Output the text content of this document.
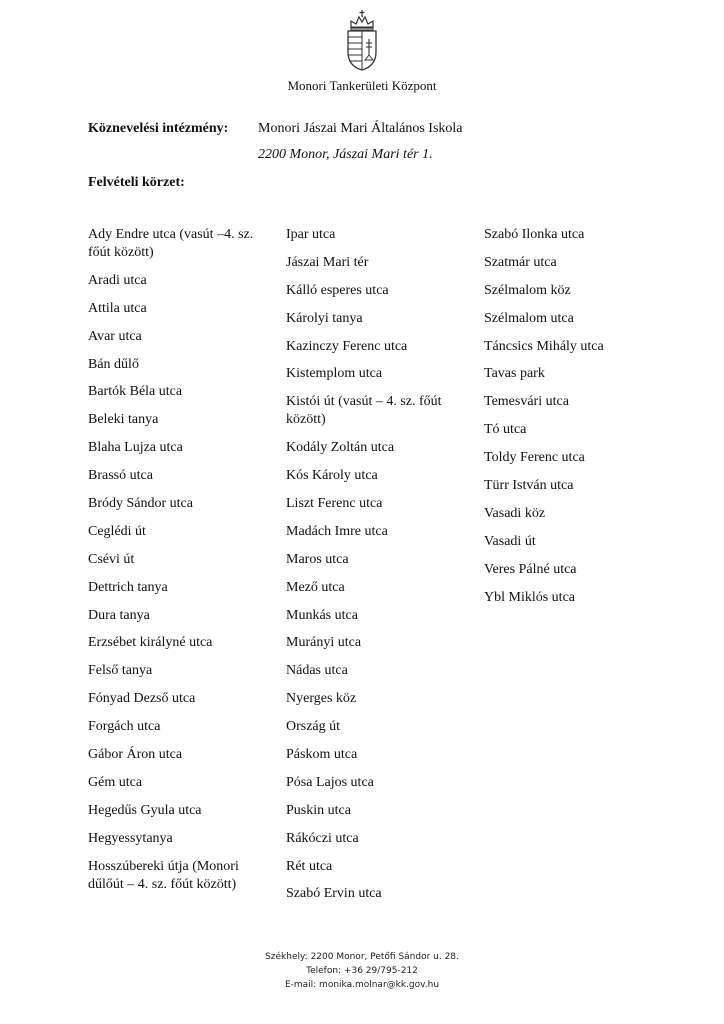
Monori Tankerületi Központ
Köznevelési intézmény: Monori Jászai Mari Általános Iskola
2200 Monor, Jászai Mari tér 1.
Felvételi körzet:
Ady Endre utca (vasút –4. sz. főút között)
Aradi utca
Attila utca
Avar utca
Bán dűlő
Bartók Béla utca
Beleki tanya
Blaha Lujza utca
Brassó utca
Bródy Sándor utca
Ceglédi út
Csévi út
Dettrich tanya
Dura tanya
Erzsébet királyné utca
Felső tanya
Fónyad Dezső utca
Forgách utca
Gábor Áron utca
Gém utca
Hegedűs Gyula utca
Hegyessytanya
Hosszúbereki útja (Monori dűlőút – 4. sz. főút között)
Ipar utca
Jászai Mari tér
Kálló esperes utca
Károlyi tanya
Kazinczy Ferenc utca
Kistemplom utca
Kistói út (vasút – 4. sz. főút között)
Kodály Zoltán utca
Kós Károly utca
Liszt Ferenc utca
Madách Imre utca
Maros utca
Mező utca
Munkás utca
Murányi utca
Nádas utca
Nyerges köz
Ország út
Páskom utca
Pósa Lajos utca
Puskin utca
Rákóczi utca
Rét utca
Szabó Ervin utca
Szabó Ilonka utca
Szatmár utca
Szélmalom köz
Szélmalom utca
Táncsics Mihály utca
Tavas park
Temesvári utca
Tó utca
Toldy Ferenc utca
Türr István utca
Vasadi köz
Vasadi út
Veres Pálné utca
Ybl Miklós utca
Székhely: 2200 Monor, Petőfi Sándor u. 28.
Telefon: +36 29/795-212
E-mail: monika.molnar@kk.gov.hu
